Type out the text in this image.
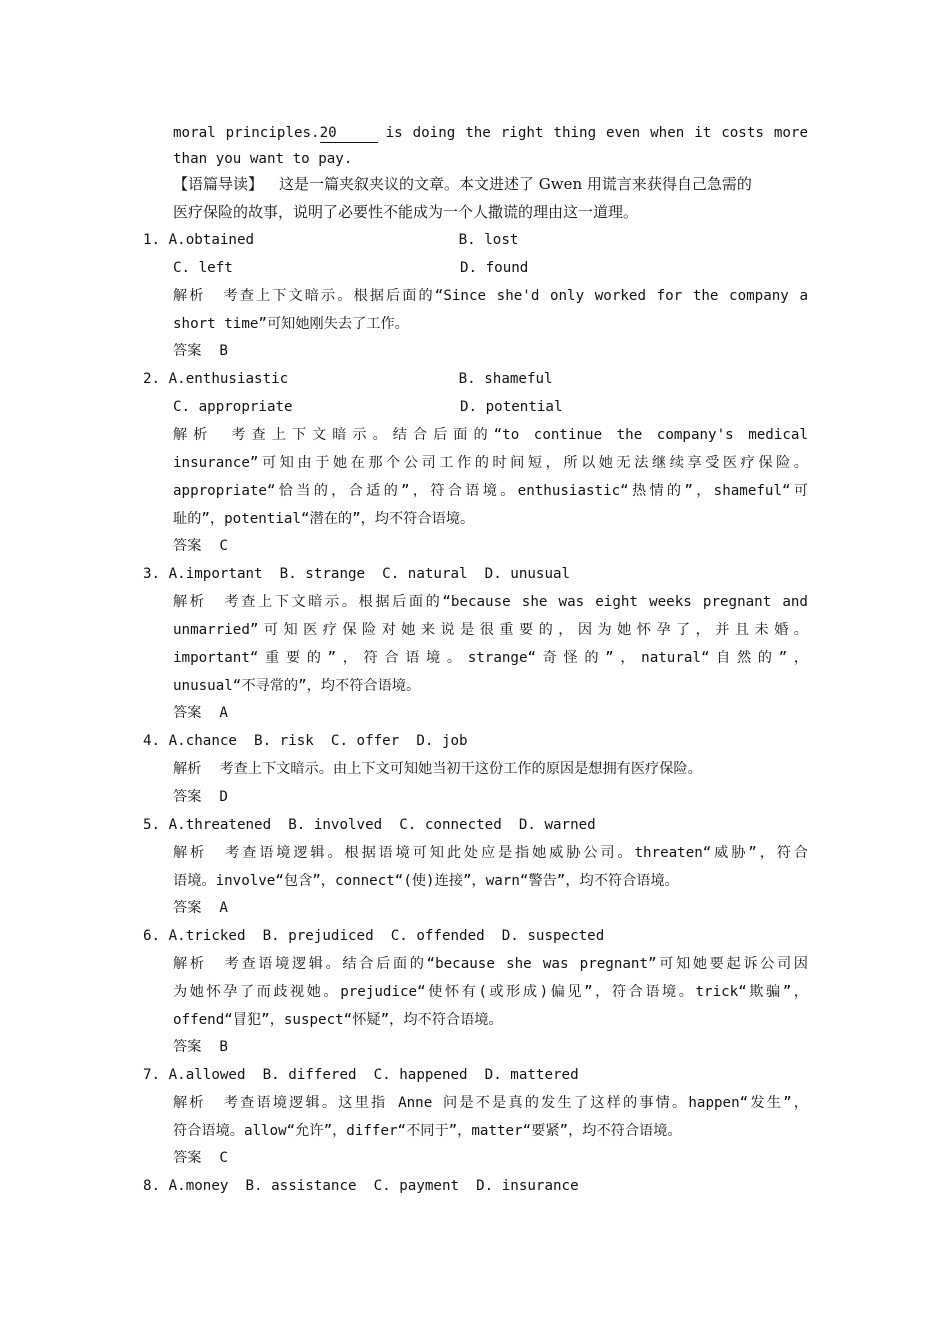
moral principles.20	is doing the right thing even when it costs more
than you want to pay.
【语篇导读】 这是一篇夹叙夹议的文章。本文进述了 Gwen 用谎言来获得自己急需的
医疗保险的故事，说明了必要性不能成为一个人撒谎的理由这一道理。
1. A.obtained	B. lost
C. left	D. found
解析 考查上下文暗示。根据后面的“Since she'd only worked for the company a
short time”可知她刚失去了工作。
答案 B
2. A.enthusiastic	B. shameful
C. appropriate	D. potential
解析 考查上下文暗示。结合后面的“to continue the company's medical
insurance”可知由于她在那个公司工作的时间短，所以她无法继续享受医疗保险。
appropriate“恰当的，合适的”，符合语境。enthusiastic“热情的”，shameful“可
耻的”，potential“潜在的”，均不符合语境。
答案 C
3. A.important  B. strange  C. natural  D. unusual
解析 考查上下文暗示。根据后面的“because she was eight weeks pregnant and
unmarried”可知医疗保险对她来说是很重要的，因为她怀孕了，并且未婚。
important“重要的”，符合语境。strange“奇怪的”，natural“自然的”，
unusual“不寻常的”，均不符合语境。
答案 A
4. A.chance  B. risk  C. offer  D. job
解析 考查上下文暗示。由上下文可知她当初干这份工作的原因是想拥有医疗保险。
答案 D
5. A.threatened  B. involved  C. connected  D. warned
解析 考查语境逻辑。根据语境可知此处应是指她威胁公司。threaten“威胁”，符合
语境。involve“包含”，connect“(使)连接”，warn“警告”，均不符合语境。
答案 A
6. A.tricked  B. prejudiced  C. offended  D. suspected
解析 考查语境逻辑。结合后面的“because she was pregnant”可知她要起诉公司因
为她怀孕了而歧视她。prejudice“使怀有(或形成)偏见”，符合语境。trick“欺骗”，
offend“冒犯”，suspect“怀疑”，均不符合语境。
答案 B
7. A.allowed  B. differed  C. happened  D. mattered
解析 考查语境逻辑。这里指 Anne 问是不是真的发生了这样的事情。happen“发生”，
符合语境。allow“允许”，differ“不同于”，matter“要紧”，均不符合语境。
答案 C
8. A.money  B. assistance  C. payment  D. insurance
